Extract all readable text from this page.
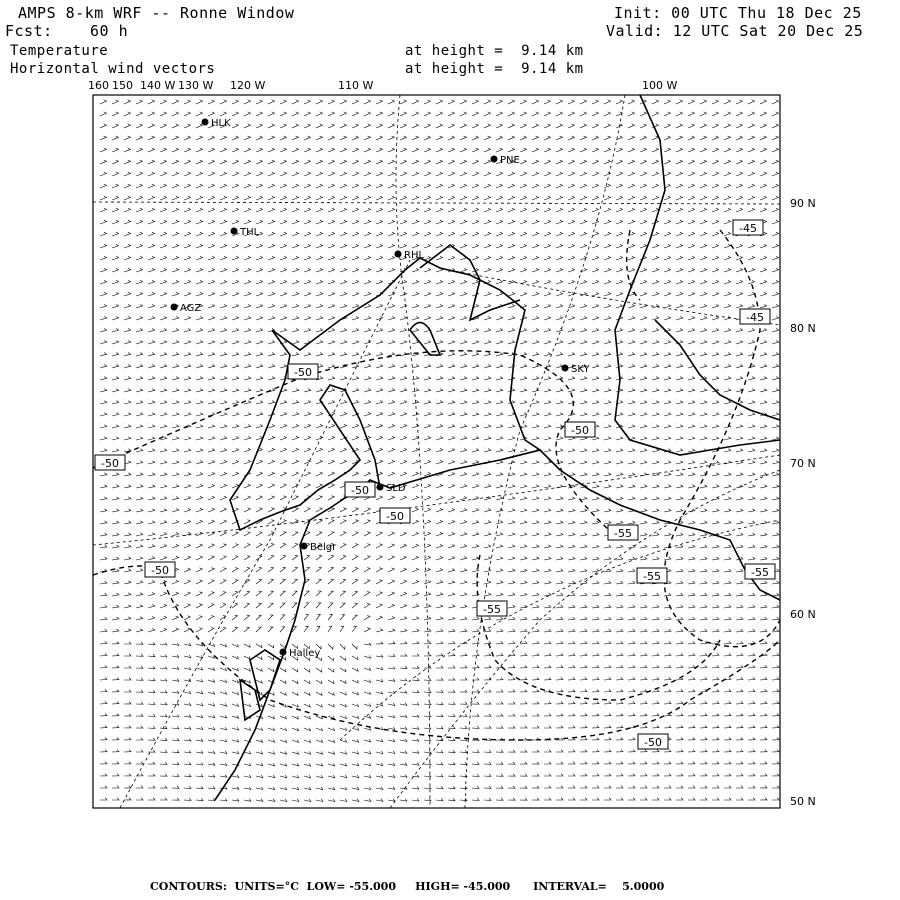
AMPS 8-km WRF -- Ronne Window	Init: 00 UTC Thu 18 Dec 25
Fcst: 60 h	Valid: 12 UTC Sat 20 Dec 25
Temperature
Horizontal wind vectors
at height =  9.14 km
at height =  9.14 km
HLK
PNE
THL
RHL
AGZ
SKY
SLD
Belgr
Halley
-45
-45
-50
-50
-50
-55
-55	-55
-50
-50
-50
-50
-55
160 150 140 W 130 W 120 W	110 W	100 W
90 N
80 N
70 N
60 N
50 N
CONTOURS:  UNITS=°C  LOW= -55.000     HIGH= -45.000      INTERVAL=    5.0000
